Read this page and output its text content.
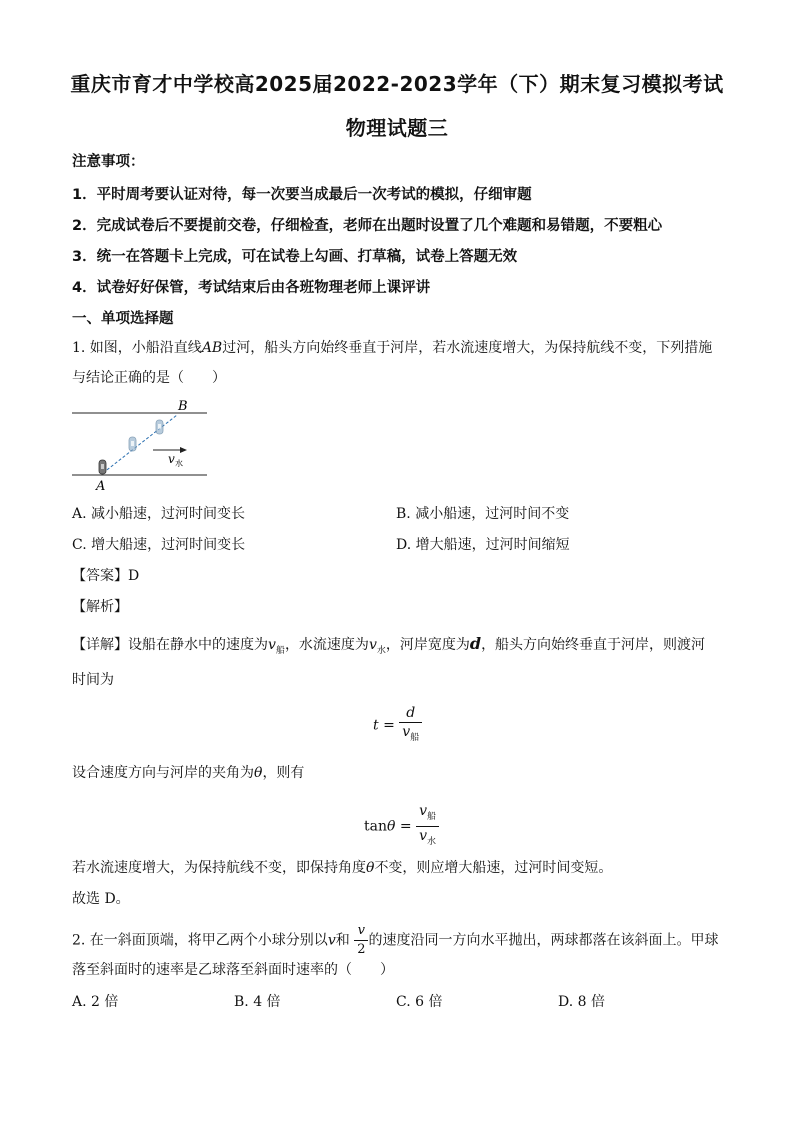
重庆市育才中学校高2025届2022-2023学年（下）期末复习模拟考试
物理试题三
注意事项：
1．平时周考要认证对待，每一次要当成最后一次考试的模拟，仔细审题
2．完成试卷后不要提前交卷，仔细检查，老师在出题时设置了几个难题和易错题，不要粗心
3．统一在答题卡上完成，可在试卷上勾画、打草稿，试卷上答题无效
4．试卷好好保管，考试结束后由各班物理老师上课评讲
一、单项选择题
1. 如图，小船沿直线AB过河，船头方向始终垂直于河岸，若水流速度增大，为保持航线不变，下列措施
与结论正确的是（　　）
v 水
A
B
A. 减小船速，过河时间变长	B. 减小船速，过河时间不变
C. 增大船速，过河时间变长	D. 增大船速，过河时间缩短
【答案】D
【解析】
【详解】设船在静水中的速度为$v_船$，水流速度为$v_水$，河岸宽度为d，船头方向始终垂直于河岸，则渡河
时间为
$t = \frac{d}{v_船}$
设合速度方向与河岸的夹角为θ，则有
$\tan\theta = \frac{v_船}{v_水}$
若水流速度增大，为保持航线不变，即保持角度θ不变，则应增大船速，过河时间变短。
故选 D。
2. 在一斜面顶端，将甲乙两个小球分别以v和 $\frac{v}{2}$ 的速度沿同一方向水平抛出，两球都落在该斜面上。甲球
落至斜面时的速率是乙球落至斜面时速率的（　　）
A. 2 倍	B. 4 倍	C. 6 倍	D. 8 倍
